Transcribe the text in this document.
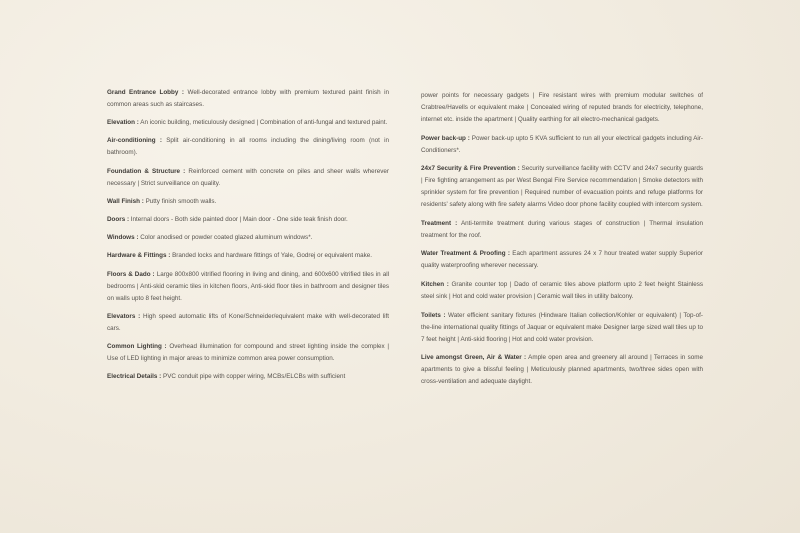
Grand Entrance Lobby : Well-decorated entrance lobby with premium textured paint finish in common areas such as staircases.

Elevation : An iconic building, meticulously designed | Combination of anti-fungal and textured paint.

Air-conditioning : Split air-conditioning in all rooms including the dining/living room (not in bathroom).

Foundation & Structure : Reinforced cement with concrete on piles and sheer walls wherever necessary | Strict surveillance on quality.

Wall Finish : Putty finish smooth walls.

Doors : Internal doors - Both side painted door | Main door - One side teak finish door.

Windows : Color anodised or powder coated glazed aluminum windows*.

Hardware & Fittings : Branded locks and hardware fittings of Yale, Godrej or equivalent make.

Floors & Dado : Large 800x800 vitrified flooring in living and dining, and 600x600 vitrified tiles in all bedrooms | Anti-skid ceramic tiles in kitchen floors, Anti-skid floor tiles in bathroom and designer tiles on walls upto 8 feet height.

Elevators : High speed automatic lifts of Kone/Schneider/equivalent make with well-decorated lift cars.

Common Lighting : Overhead illumination for compound and street lighting inside the complex | Use of LED lighting in major areas to minimize common area power consumption.

Electrical Details : PVC conduit pipe with copper wiring, MCBs/ELCBs with sufficient

power points for necessary gadgets | Fire resistant wires with premium modular switches of Crabtree/Havells or equivalent make | Concealed wiring of reputed brands for electricity, telephone, internet etc. inside the apartment | Quality earthing for all electro-mechanical gadgets.

Power back-up : Power back-up upto 5 KVA sufficient to run all your electrical gadgets including Air-Conditioners*.

24x7 Security & Fire Prevention : Security surveillance facility with CCTV and 24x7 security guards | Fire fighting arrangement as per West Bengal Fire Service recommendation | Smoke detectors with sprinkler system for fire prevention | Required number of evacuation points and refuge platforms for residents' safety along with fire safety alarms Video door phone facility coupled with intercom system.

Treatment : Anti-termite treatment during various stages of construction | Thermal insulation treatment for the roof.

Water Treatment & Proofing : Each apartment assures 24 x 7 hour treated water supply Superior quality waterproofing wherever necessary.

Kitchen : Granite counter top | Dado of ceramic tiles above platform upto 2 feet height Stainless steel sink | Hot and cold water provision | Ceramic wall tiles in utility balcony.

Toilets : Water efficient sanitary fixtures (Hindware Italian collection/Kohler or equivalent) | Top-of-the-line international quality fittings of Jaquar or equivalent make Designer large sized wall tiles up to 7 feet height | Anti-skid flooring | Hot and cold water provision.

Live amongst Green, Air & Water : Ample open area and greenery all around | Terraces in some apartments to give a blissful feeling | Meticulously planned apartments, two/three sides open with cross-ventilation and adequate daylight.
